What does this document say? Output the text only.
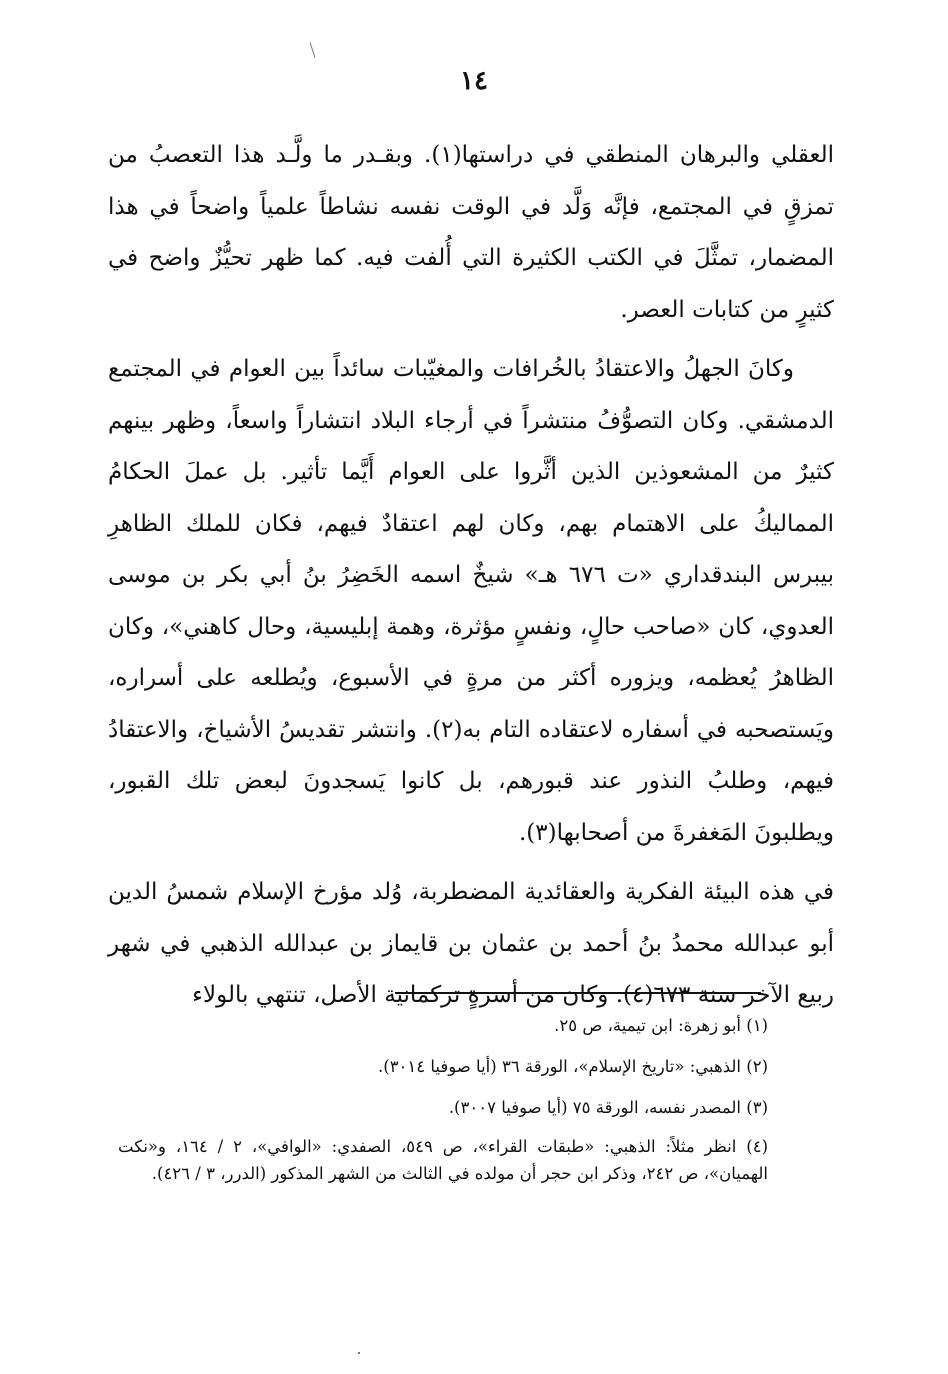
١٤

العقلي والبرهان المنطقي في دراستها(١). وبقـدر ما ولَّـد هذا التعصبُ من تمزقٍ في المجتمع، فإنَّه وَلَّد في الوقت نفسه نشاطاً علمياً واضحاً في هذا المضمار، تمثَّلَ في الكتب الكثيرة التي أُلفت فيه. كما ظهر تحيُّزٌ واضح في كثيرٍ من كتابات العصر.

وكانَ الجهلُ والاعتقادُ بالخُرافات والمغيّبات سائداً بين العوام في المجتمع الدمشقي. وكان التصوُّفُ منتشراً في أرجاء البلاد انتشاراً واسعاً، وظهر بينهم كثيرٌ من المشعوذين الذين أثَّروا على العوام أَيَّما تأثير. بل عملَ الحكامُ المماليكُ على الاهتمام بهم، وكان لهم اعتقادٌ فيهم، فكان للملك الظاهرِ بيبرس البندقداري «ت ٦٧٦ هـ» شيخٌ اسمه الخَضِرُ بنُ أبي بكر بن موسى العدوي، كان «صاحب حالٍ، ونفسٍ مؤثرة، وهمة إبليسية، وحال كاهني»، وكان الظاهرُ يُعظمه، ويزوره أكثر من مرةٍ في الأسبوع، ويُطلعه على أسراره، ويَستصحبه في أسفاره لاعتقاده التام به(٢). وانتشر تقديسُ الأشياخ، والاعتقادُ فيهم، وطلبُ النذور عند قبورهم، بل كانوا يَسجدونَ لبعض تلك القبور، ويطلبونَ المَغفرةَ من أصحابها(٣).

في هذه البيئة الفكرية والعقائدية المضطربة، وُلد مؤرخ الإسلام شمسُ الدين أبو عبدالله محمدُ بنُ أحمد بن عثمان بن قايماز بن عبدالله الذهبي في شهر ربيع الآخر سنة ٦٧٣(٤). وكان من أسرةٍ تركمانية الأصل، تنتهي بالولاء

(١) أبو زهرة: ابن تيمية، ص ٢٥.

(٢) الذهبي: «تاريخ الإسلام»، الورقة ٣٦ (أيا صوفيا ٣٠١٤).

(٣) المصدر نفسه، الورقة ٧٥ (أيا صوفيا ٣٠٠٧).

(٤) انظر مثلاً: الذهبي: «طبقات القراء»، ص ٥٤٩، الصفدي: «الوافي»، ٢ / ١٦٤، و«نكت الهميان»، ص ٢٤٢، وذكر ابن حجر أن مولده في الثالث من الشهر المذكور (الدرر، ٣ / ٤٢٦).
